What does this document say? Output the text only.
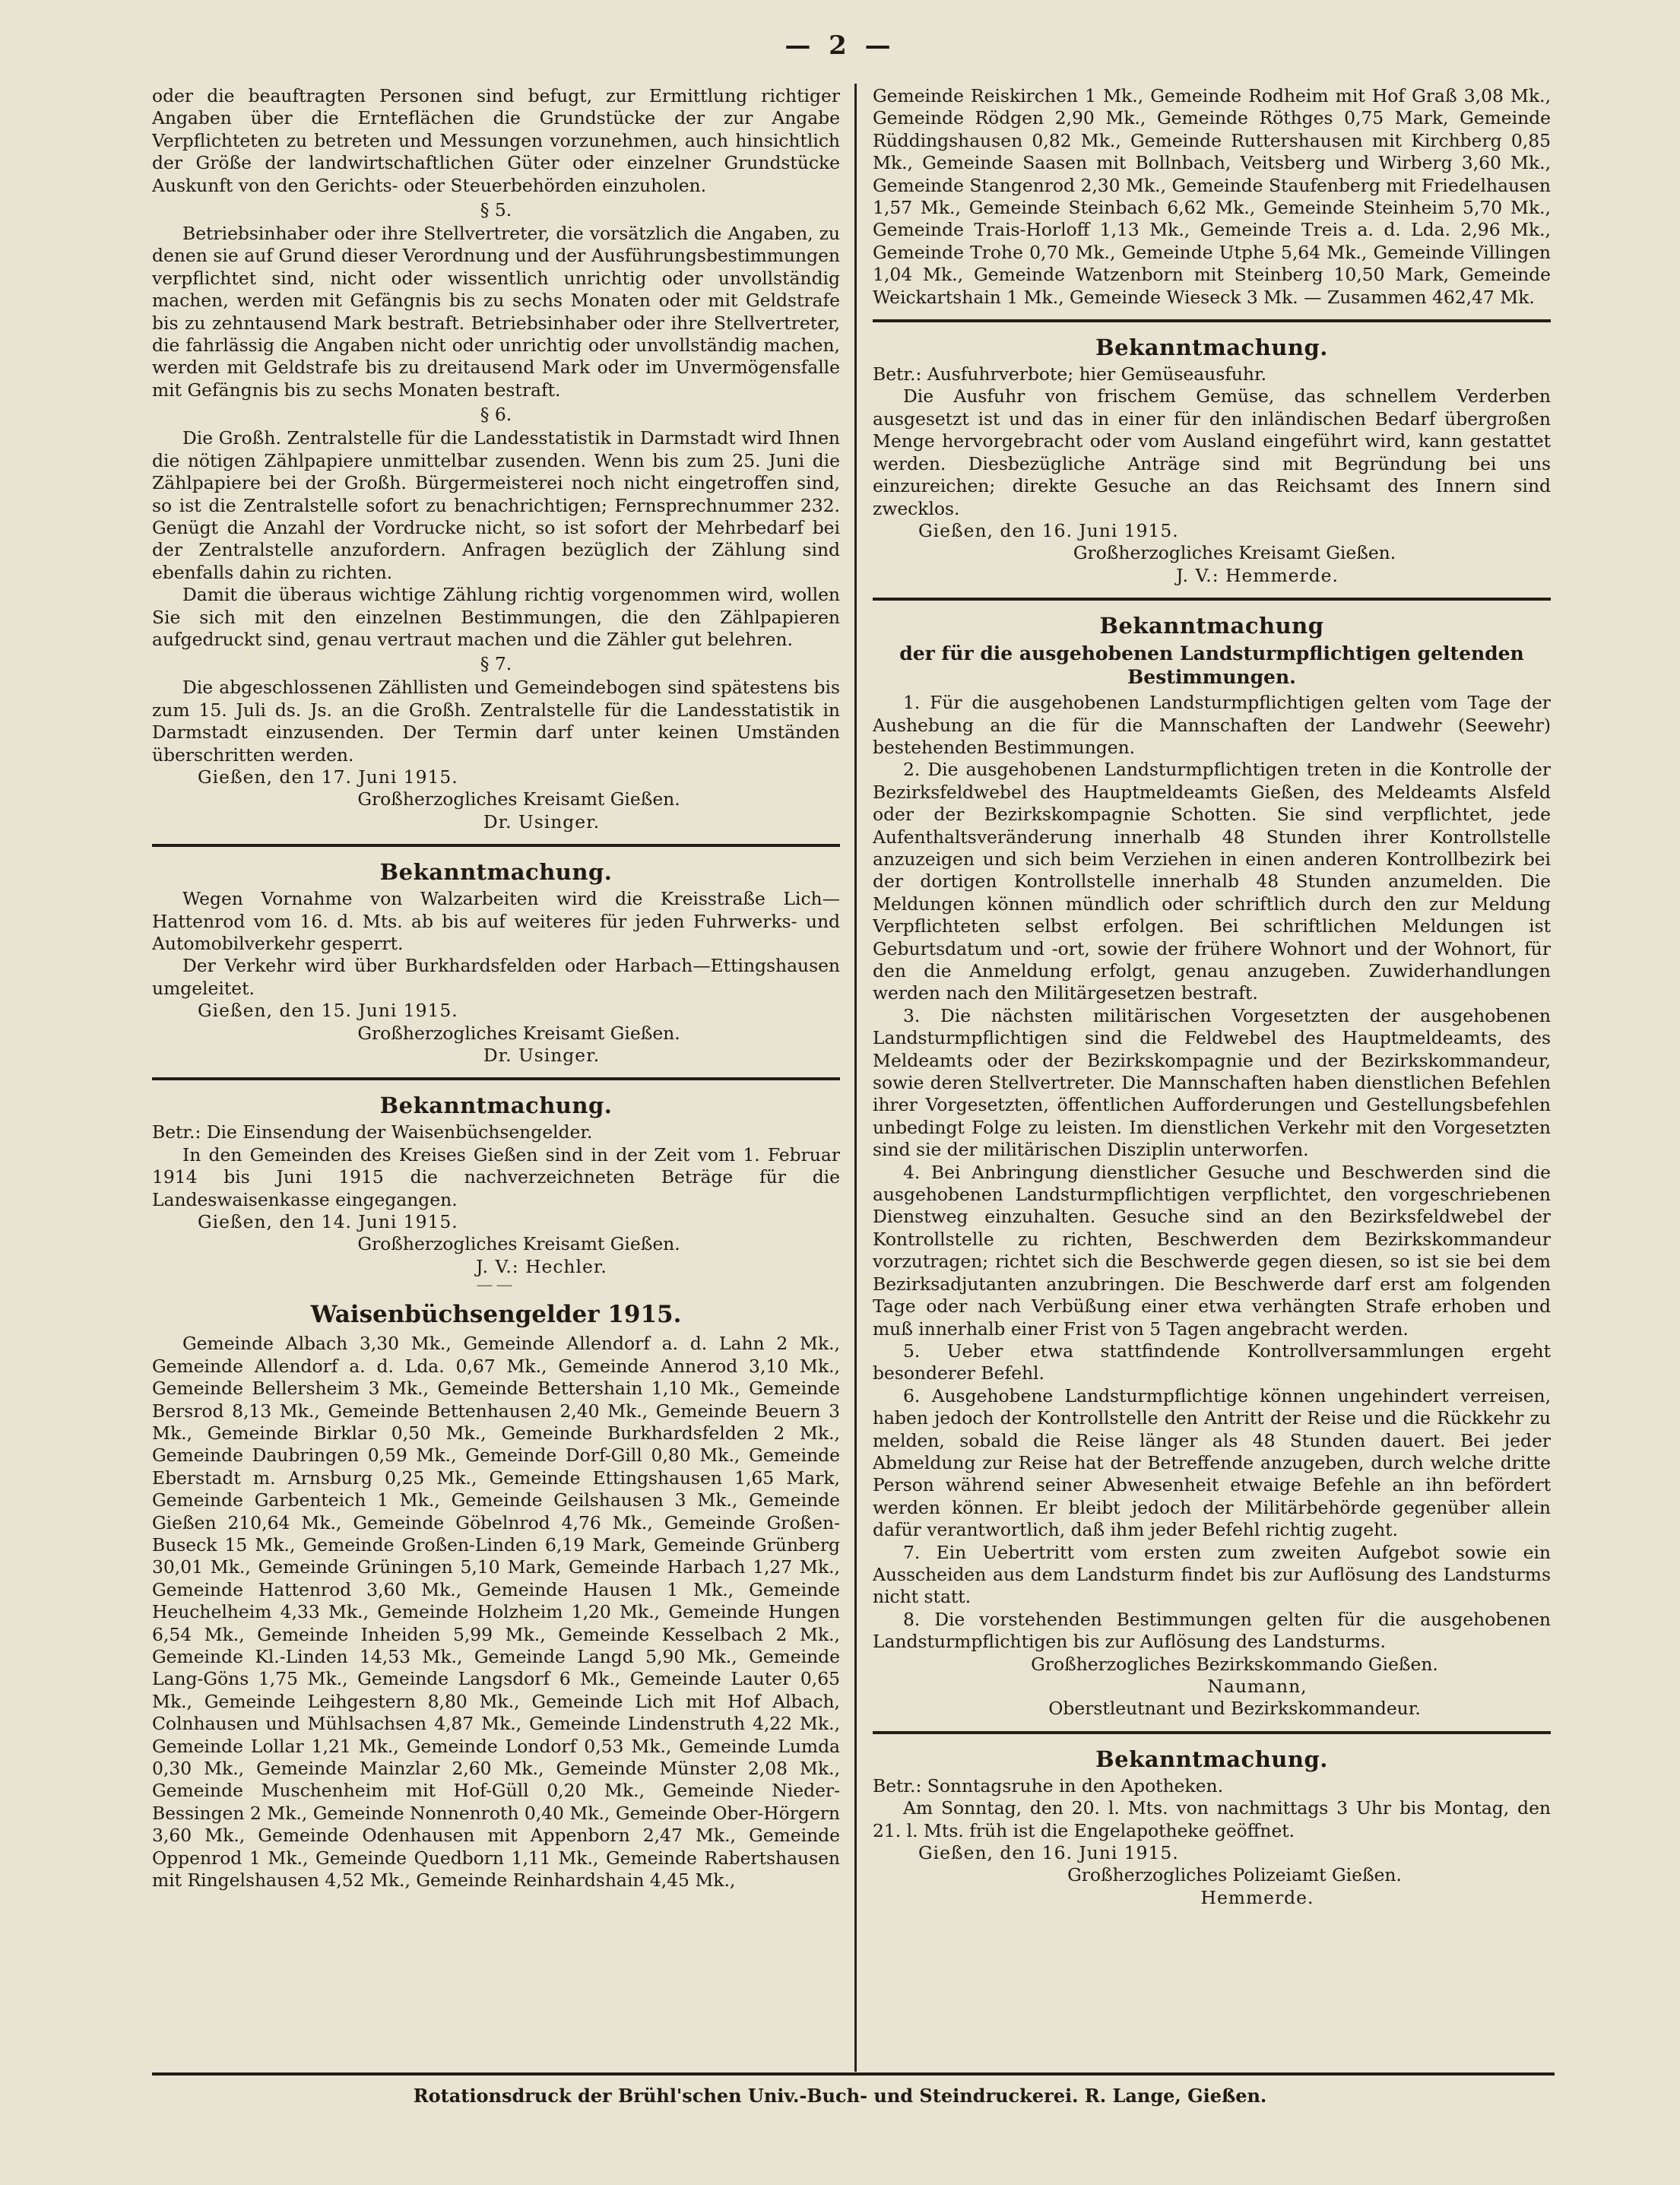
— 2 —

oder die beauftragten Personen sind befugt, zur Ermittlung richtiger Angaben über die Ernteflächen die Grundstücke der zur Angabe Verpflichteten zu betreten und Messungen vorzunehmen, auch hinsichtlich der Größe der landwirtschaftlichen Güter oder einzelner Grundstücke Auskunft von den Gerichts- oder Steuerbehörden einzuholen.

§ 5.

Betriebsinhaber oder ihre Stellvertreter, die vorsätzlich die Angaben, zu denen sie auf Grund dieser Verordnung und der Ausführungsbestimmungen verpflichtet sind, nicht oder wissentlich unrichtig oder unvollständig machen, werden mit Gefängnis bis zu sechs Monaten oder mit Geldstrafe bis zu zehntausend Mark bestraft. Betriebsinhaber oder ihre Stellvertreter, die fahrlässig die Angaben nicht oder unrichtig oder unvollständig machen, werden mit Geldstrafe bis zu dreitausend Mark oder im Unvermögensfalle mit Gefängnis bis zu sechs Monaten bestraft.

§ 6.

Die Großh. Zentralstelle für die Landesstatistik in Darmstadt wird Ihnen die nötigen Zählpapiere unmittelbar zusenden. Wenn bis zum 25. Juni die Zählpapiere bei der Großh. Bürgermeisterei noch nicht eingetroffen sind, so ist die Zentralstelle sofort zu benachrichtigen; Fernsprechnummer 232. Genügt die Anzahl der Vordrucke nicht, so ist sofort der Mehrbedarf bei der Zentralstelle anzufordern. Anfragen bezüglich der Zählung sind ebenfalls dahin zu richten.

Damit die überaus wichtige Zählung richtig vorgenommen wird, wollen Sie sich mit den einzelnen Bestimmungen, die den Zählpapieren aufgedruckt sind, genau vertraut machen und die Zähler gut belehren.

§ 7.

Die abgeschlossenen Zähllisten und Gemeindebogen sind spätestens bis zum 15. Juli ds. Js. an die Großh. Zentralstelle für die Landesstatistik in Darmstadt einzusenden. Der Termin darf unter keinen Umständen überschritten werden.

Gießen, den 17. Juni 1915.
Großherzogliches Kreisamt Gießen.
Dr. Usinger.
Bekanntmachung.

Wegen Vornahme von Walzarbeiten wird die Kreisstraße Lich—Hattenrod vom 16. d. Mts. ab bis auf weiteres für jeden Fuhrwerks- und Automobilverkehr gesperrt.

Der Verkehr wird über Burkhardsfelden oder Harbach—Ettingshausen umgeleitet.

Gießen, den 15. Juni 1915.
Großherzogliches Kreisamt Gießen.
Dr. Usinger.
Bekanntmachung.

Betr.: Die Einsendung der Waisenbüchsengelder.

In den Gemeinden des Kreises Gießen sind in der Zeit vom 1. Februar 1914 bis Juni 1915 die nachverzeichneten Beträge für die Landeswaisenkasse eingegangen.

Gießen, den 14. Juni 1915.
Großherzogliches Kreisamt Gießen.
J. V.: Hechler.
——
Waisenbüchsengelder 1915.

Gemeinde Albach 3,30 Mk., Gemeinde Allendorf a. d. Lahn 2 Mk., Gemeinde Allendorf a. d. Lda. 0,67 Mk., Gemeinde Annerod 3,10 Mk., Gemeinde Bellersheim 3 Mk., Gemeinde Bettershain 1,10 Mk., Gemeinde Bersrod 8,13 Mk., Gemeinde Bettenhausen 2,40 Mk., Gemeinde Beuern 3 Mk., Gemeinde Birklar 0,50 Mk., Gemeinde Burkhardsfelden 2 Mk., Gemeinde Daubringen 0,59 Mk., Gemeinde Dorf-Gill 0,80 Mk., Gemeinde Eberstadt m. Arnsburg 0,25 Mk., Gemeinde Ettingshausen 1,65 Mark, Gemeinde Garbenteich 1 Mk., Gemeinde Geilshausen 3 Mk., Gemeinde Gießen 210,64 Mk., Gemeinde Göbelnrod 4,76 Mk., Gemeinde Großen-Buseck 15 Mk., Gemeinde Großen-Linden 6,19 Mark, Gemeinde Grünberg 30,01 Mk., Gemeinde Grüningen 5,10 Mark, Gemeinde Harbach 1,27 Mk., Gemeinde Hattenrod 3,60 Mk., Gemeinde Hausen 1 Mk., Gemeinde Heuchelheim 4,33 Mk., Gemeinde Holzheim 1,20 Mk., Gemeinde Hungen 6,54 Mk., Gemeinde Inheiden 5,99 Mk., Gemeinde Kesselbach 2 Mk., Gemeinde Kl.-Linden 14,53 Mk., Gemeinde Langd 5,90 Mk., Gemeinde Lang-Göns 1,75 Mk., Gemeinde Langsdorf 6 Mk., Gemeinde Lauter 0,65 Mk., Gemeinde Leihgestern 8,80 Mk., Gemeinde Lich mit Hof Albach, Colnhausen und Mühlsachsen 4,87 Mk., Gemeinde Lindenstruth 4,22 Mk., Gemeinde Lollar 1,21 Mk., Gemeinde Londorf 0,53 Mk., Gemeinde Lumda 0,30 Mk., Gemeinde Mainzlar 2,60 Mk., Gemeinde Münster 2,08 Mk., Gemeinde Muschenheim mit Hof-Güll 0,20 Mk., Gemeinde Nieder-Bessingen 2 Mk., Gemeinde Nonnenroth 0,40 Mk., Gemeinde Ober-Hörgern 3,60 Mk., Gemeinde Odenhausen mit Appenborn 2,47 Mk., Gemeinde Oppenrod 1 Mk., Gemeinde Quedborn 1,11 Mk., Gemeinde Rabertshausen mit Ringelshausen 4,52 Mk., Gemeinde Reinhardshain 4,45 Mk.,

Gemeinde Reiskirchen 1 Mk., Gemeinde Rodheim mit Hof Graß 3,08 Mk., Gemeinde Rödgen 2,90 Mk., Gemeinde Röthges 0,75 Mark, Gemeinde Rüddingshausen 0,82 Mk., Gemeinde Ruttershausen mit Kirchberg 0,85 Mk., Gemeinde Saasen mit Bollnbach, Veitsberg und Wirberg 3,60 Mk., Gemeinde Stangenrod 2,30 Mk., Gemeinde Staufenberg mit Friedelhausen 1,57 Mk., Gemeinde Steinbach 6,62 Mk., Gemeinde Steinheim 5,70 Mk., Gemeinde Trais-Horloff 1,13 Mk., Gemeinde Treis a. d. Lda. 2,96 Mk., Gemeinde Trohe 0,70 Mk., Gemeinde Utphe 5,64 Mk., Gemeinde Villingen 1,04 Mk., Gemeinde Watzenborn mit Steinberg 10,50 Mark, Gemeinde Weickartshain 1 Mk., Gemeinde Wieseck 3 Mk. — Zusammen 462,47 Mk.

Bekanntmachung.

Betr.: Ausfuhrverbote; hier Gemüseausfuhr.

Die Ausfuhr von frischem Gemüse, das schnellem Verderben ausgesetzt ist und das in einer für den inländischen Bedarf übergroßen Menge hervorgebracht oder vom Ausland eingeführt wird, kann gestattet werden. Diesbezügliche Anträge sind mit Begründung bei uns einzureichen; direkte Gesuche an das Reichsamt des Innern sind zwecklos.

Gießen, den 16. Juni 1915.
Großherzogliches Kreisamt Gießen.
J. V.: Hemmerde.
Bekanntmachung
der für die ausgehobenen Landsturmpflichtigen geltenden Bestimmungen.

1. Für die ausgehobenen Landsturmpflichtigen gelten vom Tage der Aushebung an die für die Mannschaften der Landwehr (Seewehr) bestehenden Bestimmungen.

2. Die ausgehobenen Landsturmpflichtigen treten in die Kontrolle der Bezirksfeldwebel des Hauptmeldeamts Gießen, des Meldeamts Alsfeld oder der Bezirkskompagnie Schotten. Sie sind verpflichtet, jede Aufenthaltsveränderung innerhalb 48 Stunden ihrer Kontrollstelle anzuzeigen und sich beim Verziehen in einen anderen Kontrollbezirk bei der dortigen Kontrollstelle innerhalb 48 Stunden anzumelden. Die Meldungen können mündlich oder schriftlich durch den zur Meldung Verpflichteten selbst erfolgen. Bei schriftlichen Meldungen ist Geburtsdatum und -ort, sowie der frühere Wohnort und der Wohnort, für den die Anmeldung erfolgt, genau anzugeben. Zuwiderhandlungen werden nach den Militärgesetzen bestraft.

3. Die nächsten militärischen Vorgesetzten der ausgehobenen Landsturmpflichtigen sind die Feldwebel des Hauptmeldeamts, des Meldeamts oder der Bezirkskompagnie und der Bezirkskommandeur, sowie deren Stellvertreter. Die Mannschaften haben dienstlichen Befehlen ihrer Vorgesetzten, öffentlichen Aufforderungen und Gestellungsbefehlen unbedingt Folge zu leisten. Im dienstlichen Verkehr mit den Vorgesetzten sind sie der militärischen Disziplin unterworfen.

4. Bei Anbringung dienstlicher Gesuche und Beschwerden sind die ausgehobenen Landsturmpflichtigen verpflichtet, den vorgeschriebenen Dienstweg einzuhalten. Gesuche sind an den Bezirksfeldwebel der Kontrollstelle zu richten, Beschwerden dem Bezirkskommandeur vorzutragen; richtet sich die Beschwerde gegen diesen, so ist sie bei dem Bezirksadjutanten anzubringen. Die Beschwerde darf erst am folgenden Tage oder nach Verbüßung einer etwa verhängten Strafe erhoben und muß innerhalb einer Frist von 5 Tagen angebracht werden.

5. Ueber etwa stattfindende Kontrollversammlungen ergeht besonderer Befehl.

6. Ausgehobene Landsturmpflichtige können ungehindert verreisen, haben jedoch der Kontrollstelle den Antritt der Reise und die Rückkehr zu melden, sobald die Reise länger als 48 Stunden dauert. Bei jeder Abmeldung zur Reise hat der Betreffende anzugeben, durch welche dritte Person während seiner Abwesenheit etwaige Befehle an ihn befördert werden können. Er bleibt jedoch der Militärbehörde gegenüber allein dafür verantwortlich, daß ihm jeder Befehl richtig zugeht.

7. Ein Uebertritt vom ersten zum zweiten Aufgebot sowie ein Ausscheiden aus dem Landsturm findet bis zur Auflösung des Landsturms nicht statt.

8. Die vorstehenden Bestimmungen gelten für die ausgehobenen Landsturmpflichtigen bis zur Auflösung des Landsturms.

Großherzogliches Bezirkskommando Gießen.
Naumann,
Oberstleutnant und Bezirkskommandeur.
Bekanntmachung.

Betr.: Sonntagsruhe in den Apotheken.

Am Sonntag, den 20. l. Mts. von nachmittags 3 Uhr bis Montag, den 21. l. Mts. früh ist die Engelapotheke geöffnet.

Gießen, den 16. Juni 1915.
Großherzogliches Polizeiamt Gießen.
Hemmerde.
Rotationsdruck der Brühl'schen Univ.-Buch- und Steindruckerei. R. Lange, Gießen.
